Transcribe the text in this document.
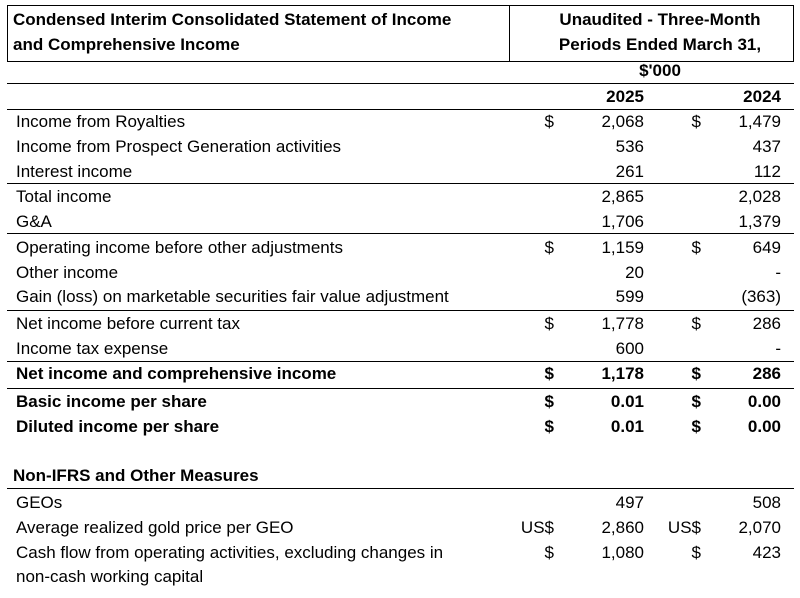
Condensed Interim Consolidated Statement of Income
and Comprehensive Income
Unaudited - Three-Month
Periods Ended March 31,
$'000
2025	2024
Income from Royalties	$	2,068	$	1,479
Income from Prospect Generation activities	536	437
Interest income	261	112
Total income	2,865	2,028
G&A	1,706	1,379
Operating income before other adjustments	$	1,159	$	649
Other income	20	-
Gain (loss) on marketable securities fair value adjustment	599	(363)
Net income before current tax	$	1,778	$	286
Income tax expense	600	-
Net income and comprehensive income	$	1,178	$	286
Basic income per share	$	0.01	$	0.00
Diluted income per share	$	0.01	$	0.00
Non-IFRS and Other Measures
GEOs	497	508
Average realized gold price per GEO	US$	2,860	US$	2,070
Cash flow from operating activities, excluding changes in
non-cash working capital
$	1,080	$	423
